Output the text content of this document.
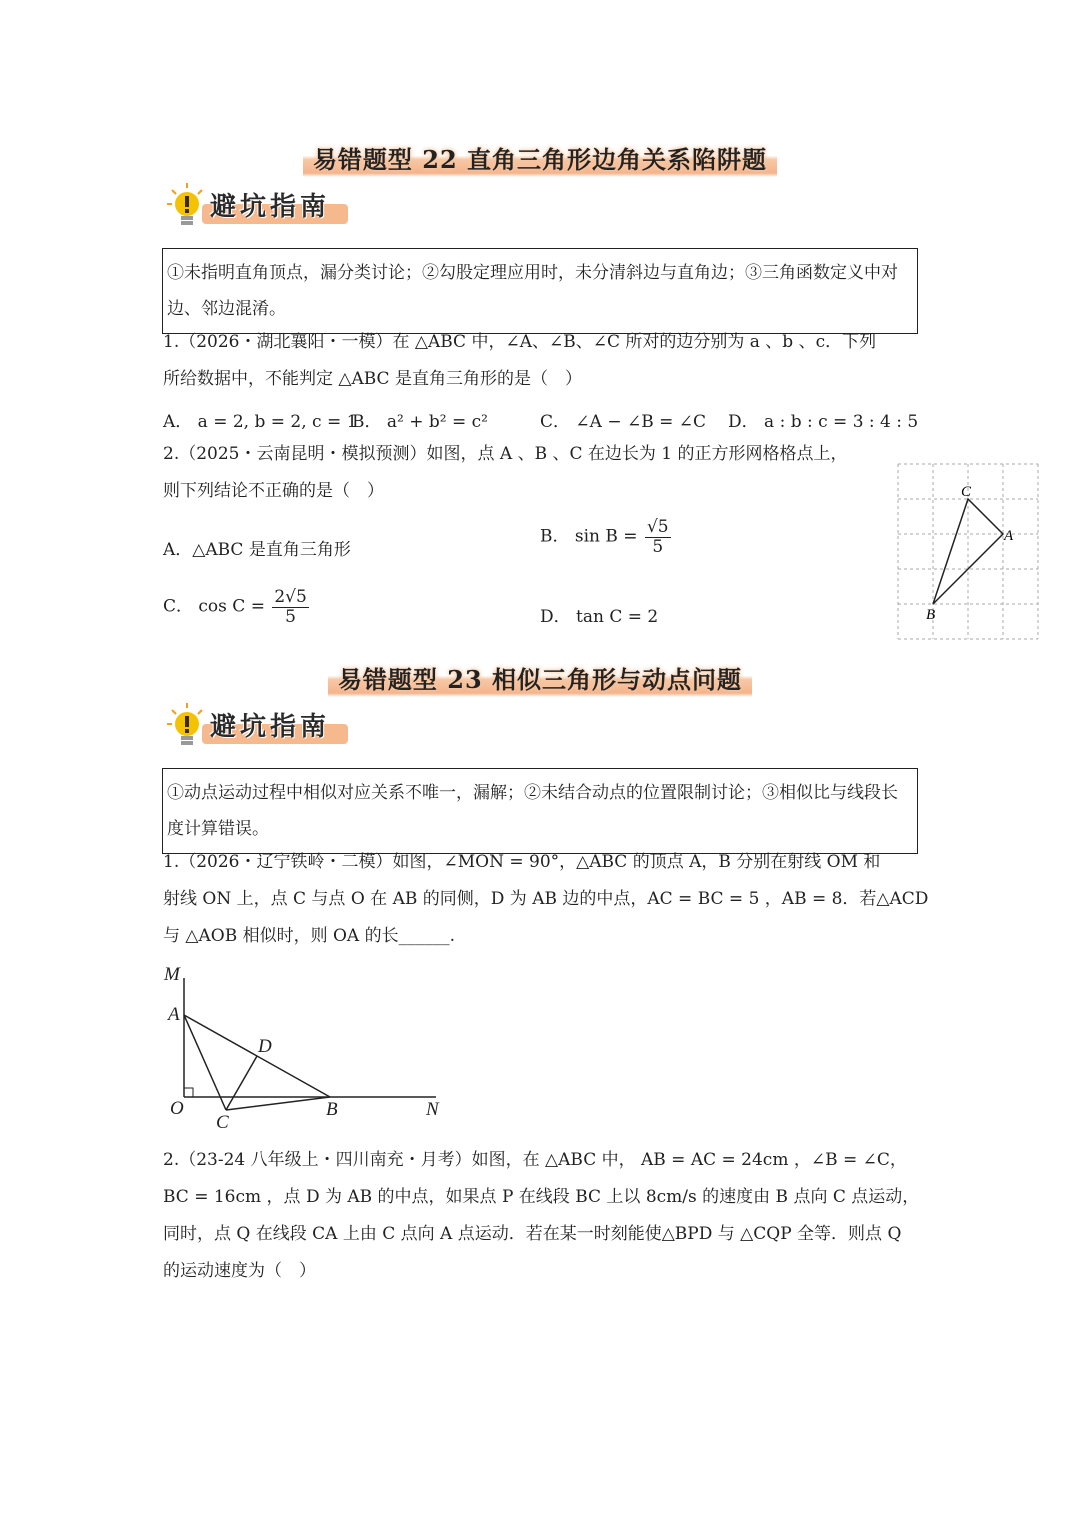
易错题型 22 直角三角形边角关系陷阱题
避坑指南
①未指明直角顶点，漏分类讨论；②勾股定理应用时，未分清斜边与直角边；③三角函数定义中对边、邻边混淆。
1.（2026・湖北襄阳・一模）在 △ABC 中，∠A、∠B、∠C 所对的边分别为 a 、b 、c．下列
所给数据中，不能判定 △ABC 是直角三角形的是（　）
A． a = 2, b = 2, c = 1
B． a² + b² = c²	C． ∠A − ∠B = ∠C D． a : b : c = 3 : 4 : 5
2.（2025・云南昆明・模拟预测）如图，点 A 、B 、C 在边长为 1 的正方形网格格点上，
则下列结论不正确的是（　）
A．△ABC 是直角三角形
B． $\sin B = \frac{√5}{5}$
C． $\cos C = \frac{2√5}{5}$	D． tan C = 2
C
A
B
易错题型 23 相似三角形与动点问题
避坑指南
①动点运动过程中相似对应关系不唯一，漏解；②未结合动点的位置限制讨论；③相似比与线段长度计算错误。
1.（2026・辽宁铁岭・二模）如图，∠MON = 90°，△ABC 的顶点 A，B 分别在射线 OM 和
射线 ON 上，点 C 与点 O 在 AB 的同侧，D 为 AB 边的中点，AC = BC = 5 ，AB = 8．若△ACD
与 △AOB 相似时，则 OA 的长______.
M
A
D
O
C
B	N
2.（23-24 八年级上・四川南充・月考）如图，在 △ABC 中， AB = AC = 24cm ，∠B = ∠C，
BC = 16cm ，点 D 为 AB 的中点，如果点 P 在线段 BC 上以 8cm/s 的速度由 B 点向 C 点运动，
同时，点 Q 在线段 CA 上由 C 点向 A 点运动．若在某一时刻能使△BPD 与 △CQP 全等．则点 Q
的运动速度为（　）
